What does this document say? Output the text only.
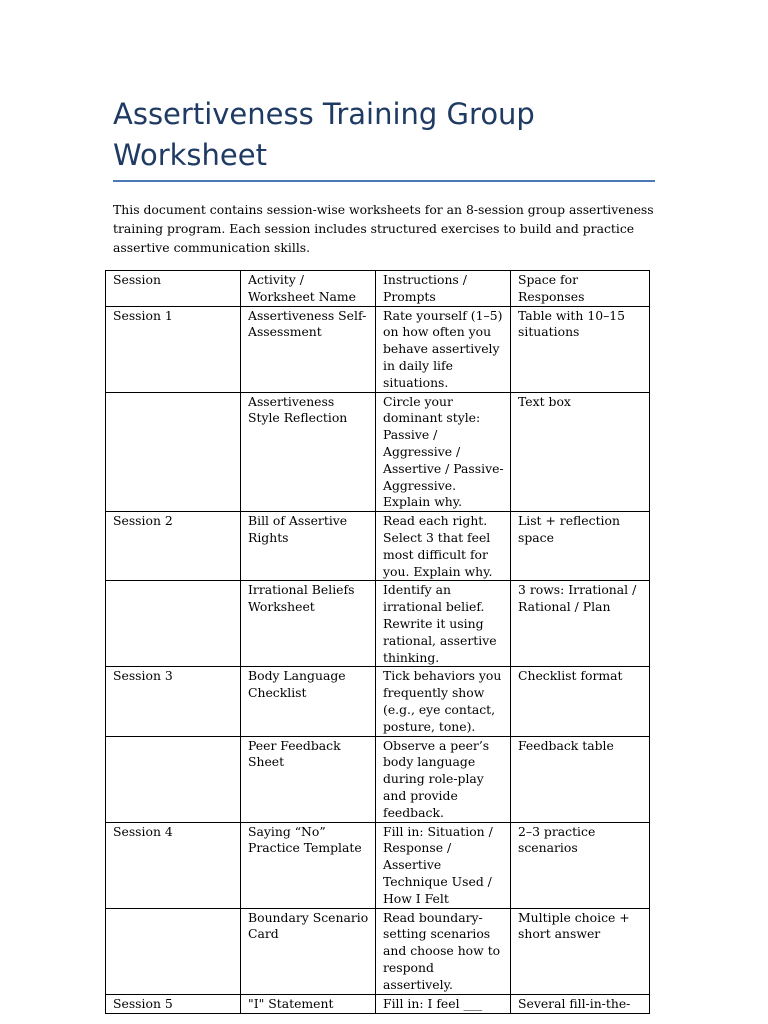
Assertiveness Training Group Worksheet

This document contains session-wise worksheets for an 8-session group assertiveness training program. Each session includes structured exercises to build and practice assertive communication skills.

Session	Activity / Worksheet Name	Instructions / Prompts	Space for Responses
Session 1	Assertiveness Self-Assessment	Rate yourself (1–5) on how often you behave assertively in daily life situations.	Table with 10–15 situations
	Assertiveness Style Reflection	Circle your dominant style: Passive / Aggressive / Assertive / Passive-Aggressive. Explain why.	Text box
Session 2	Bill of Assertive Rights	Read each right. Select 3 that feel most difficult for you. Explain why.	List + reflection space
	Irrational Beliefs Worksheet	Identify an irrational belief. Rewrite it using rational, assertive thinking.	3 rows: Irrational / Rational / Plan
Session 3	Body Language Checklist	Tick behaviors you frequently show (e.g., eye contact, posture, tone).	Checklist format
	Peer Feedback Sheet	Observe a peer’s body language during role-play and provide feedback.	Feedback table
Session 4	Saying “No” Practice Template	Fill in: Situation / Response / Assertive Technique Used / How I Felt	2–3 practice scenarios
	Boundary Scenario Card	Read boundary-setting scenarios and choose how to respond assertively.	Multiple choice + short answer
Session 5	"I" Statement	Fill in: I feel ___	Several fill-in-the-
